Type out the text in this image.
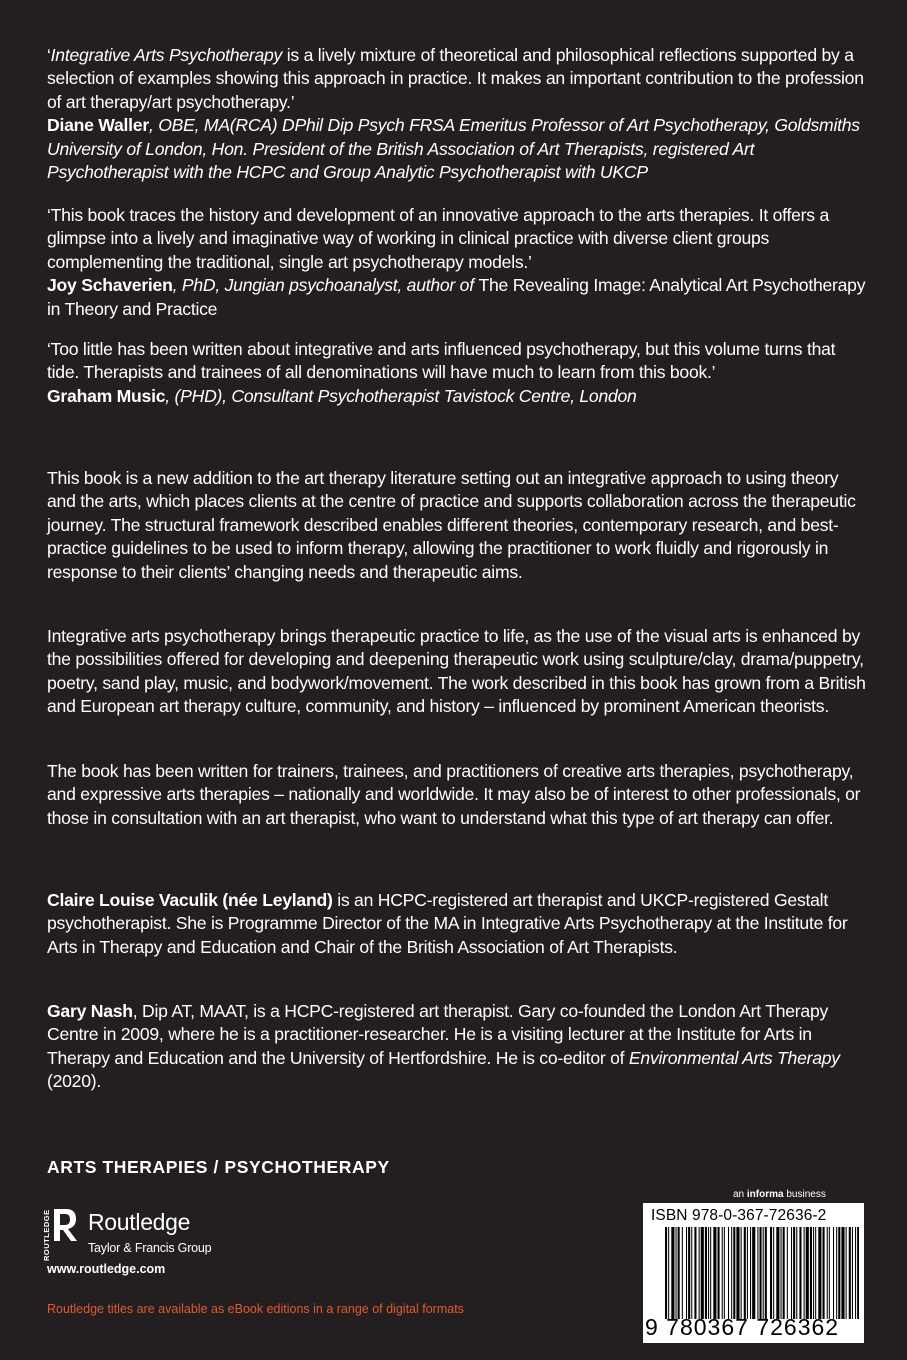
‘Integrative Arts Psychotherapy is a lively mixture of theoretical and philosophical reflections supported by a selection of examples showing this approach in practice. It makes an important contribution to the profession of art therapy/art psychotherapy.’

Diane Waller, OBE, MA(RCA) DPhil Dip Psych FRSA Emeritus Professor of Art Psychotherapy, Goldsmiths University of London, Hon. President of the British Association of Art Therapists, registered Art Psychotherapist with the HCPC and Group Analytic Psychotherapist with UKCP

‘This book traces the history and development of an innovative approach to the arts therapies. It offers a glimpse into a lively and imaginative way of working in clinical practice with diverse client groups complementing the traditional, single art psychotherapy models.’

Joy Schaverien, PhD, Jungian psychoanalyst, author of The Revealing Image: Analytical Art Psychotherapy in Theory and Practice

‘Too little has been written about integrative and arts influenced psychotherapy, but this volume turns that tide. Therapists and trainees of all denominations will have much to learn from this book.’

Graham Music, (PHD), Consultant Psychotherapist Tavistock Centre, London

This book is a new addition to the art therapy literature setting out an integrative approach to using theory and the arts, which places clients at the centre of practice and supports collaboration across the therapeutic journey. The structural framework described enables different theories, contemporary research, and best-practice guidelines to be used to inform therapy, allowing the practitioner to work fluidly and rigorously in response to their clients’ changing needs and therapeutic aims.

Integrative arts psychotherapy brings therapeutic practice to life, as the use of the visual arts is enhanced by the possibilities offered for developing and deepening therapeutic work using sculpture/clay, drama/puppetry, poetry, sand play, music, and bodywork/movement. The work described in this book has grown from a British and European art therapy culture, community, and history – influenced by prominent American theorists.

The book has been written for trainers, trainees, and practitioners of creative arts therapies, psychotherapy, and expressive arts therapies – nationally and worldwide. It may also be of interest to other professionals, or those in consultation with an art therapist, who want to understand what this type of art therapy can offer.

Claire Louise Vaculik (née Leyland) is an HCPC-registered art therapist and UKCP-registered Gestalt psychotherapist. She is Programme Director of the MA in Integrative Arts Psychotherapy at the Institute for Arts in Therapy and Education and Chair of the British Association of Art Therapists.

Gary Nash, Dip AT, MAAT, is a HCPC-registered art therapist. Gary co-founded the London Art Therapy Centre in 2009, where he is a practitioner-researcher. He is a visiting lecturer at the Institute for Arts in Therapy and Education and the University of Hertfordshire. He is co-editor of Environmental Arts Therapy (2020).

ARTS THERAPIES / PSYCHOTHERAPY
ROUTLEDGE Routledge
Taylor & Francis Group
www.routledge.com
Routledge titles are available as eBook editions in a range of digital formats
an informa business
ISBN 978-0-367-72636-2
9 780367 726362
